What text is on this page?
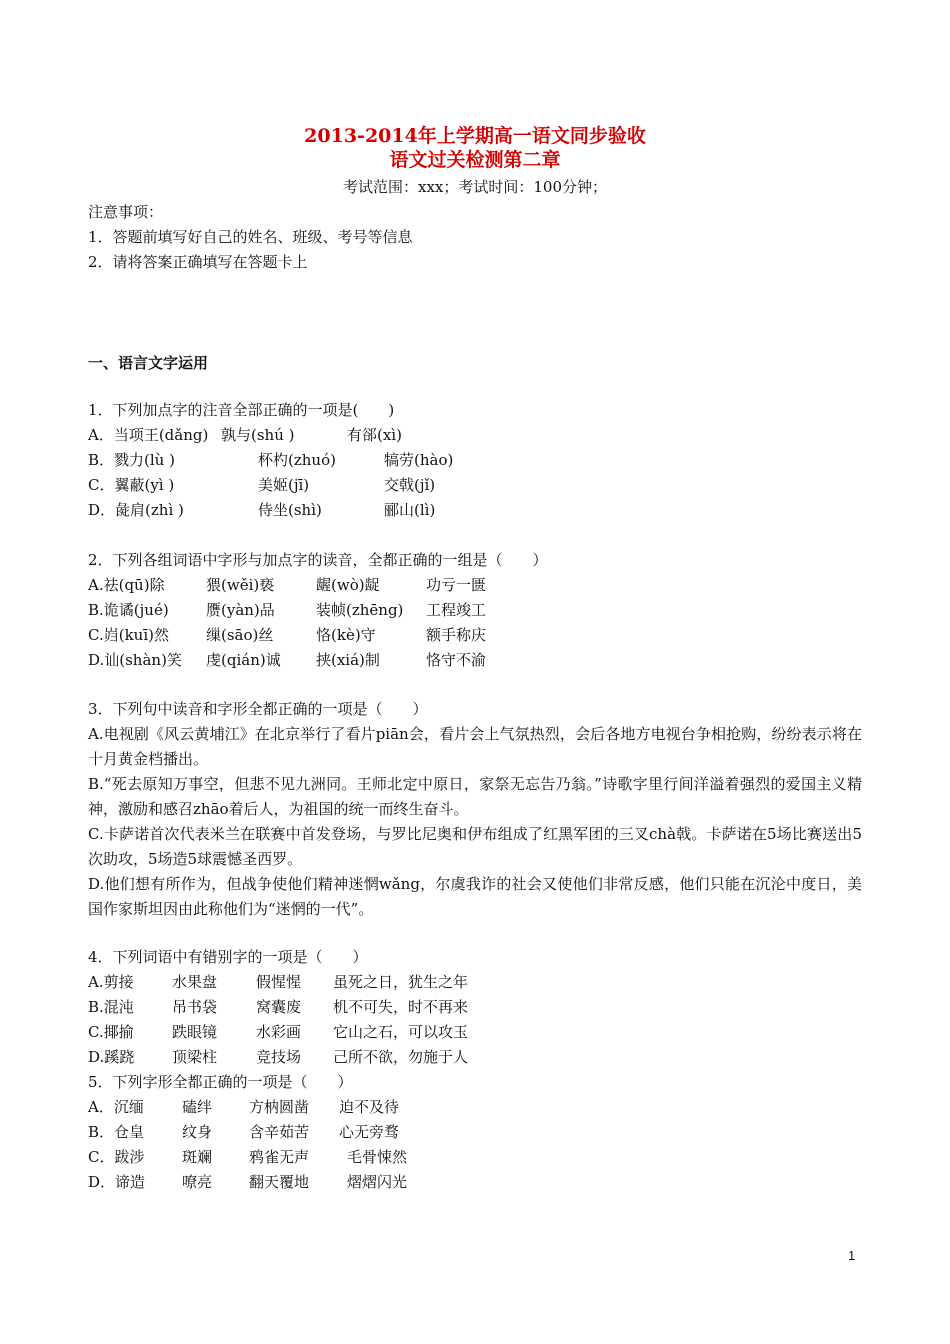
2013-2014年上学期高一语文同步验收
语文过关检测第二章
考试范围：xxx；考试时间：100分钟；
注意事项：
1．答题前填写好自己的姓名、班级、考号等信息
2．请将答案正确填写在答题卡上
一、语言文字运用
1．下列加点字的注音全部正确的一项是(　　)
A．当项王(dǎng) 孰与(shú )	有郤(xì)
B．戮力(lù )	杯杓(zhuó)	犒劳(hào)
C．翼蔽(yì )	美姬(jī)	交戟(jǐ)
D．彘肩(zhì )	侍坐(shì)	郦山(lì)
2．下列各组词语中字形与加点字的读音，全都正确的一组是（　　）
A.祛(qū)除	猥(wěi)亵	龌(wò)龊	功亏一匮
B.诡谲(jué)	赝(yàn)品	装帧(zhēng)	工程竣工
C.岿(kuī)然	缫(sāo)丝	恪(kè)守	额手称庆
D.讪(shàn)笑	虔(qián)诚	挟(xiá)制	恪守不渝
3．下列句中读音和字形全都正确的一项是（　　）
A.电视剧《风云黄埔江》在北京举行了看片piān会，看片会上气氛热烈，会后各地方电视台争相抢购，纷纷表示将在十月黄金档播出。
B.“死去原知万事空，但悲不见九洲同。王师北定中原日，家祭无忘告乃翁。”诗歌字里行间洋溢着强烈的爱国主义精神，激励和感召zhāo着后人，为祖国的统一而终生奋斗。
C.卡萨诺首次代表米兰在联赛中首发登场，与罗比尼奥和伊布组成了红黑军团的三叉chà戟。卡萨诺在5场比赛送出5次助攻，5场造5球震憾圣西罗。
D.他们想有所作为，但战争使他们精神迷惘wǎng，尔虞我诈的社会又使他们非常反感，他们只能在沉沦中度日，美国作家斯坦因由此称他们为“迷惘的一代”。
4．下列词语中有错别字的一项是（　　）
A.剪接	水果盘	假惺惺	虽死之日，犹生之年
B.混沌	吊书袋	窝囊废	机不可失，时不再来
C.揶揄	跌眼镜	水彩画	它山之石，可以攻玉
D.蹊跷	顶梁柱	竞技场	己所不欲，勿施于人
5．下列字形全都正确的一项是（　　）
A．沉缅	磕绊	方枘圆凿	迫不及待
B．仓皇	纹身	含辛茹苦	心无旁骛
C．跋涉	斑斓	鸦雀无声	毛骨悚然
D．谛造	嘹亮	翻天覆地	熠熠闪光
1
